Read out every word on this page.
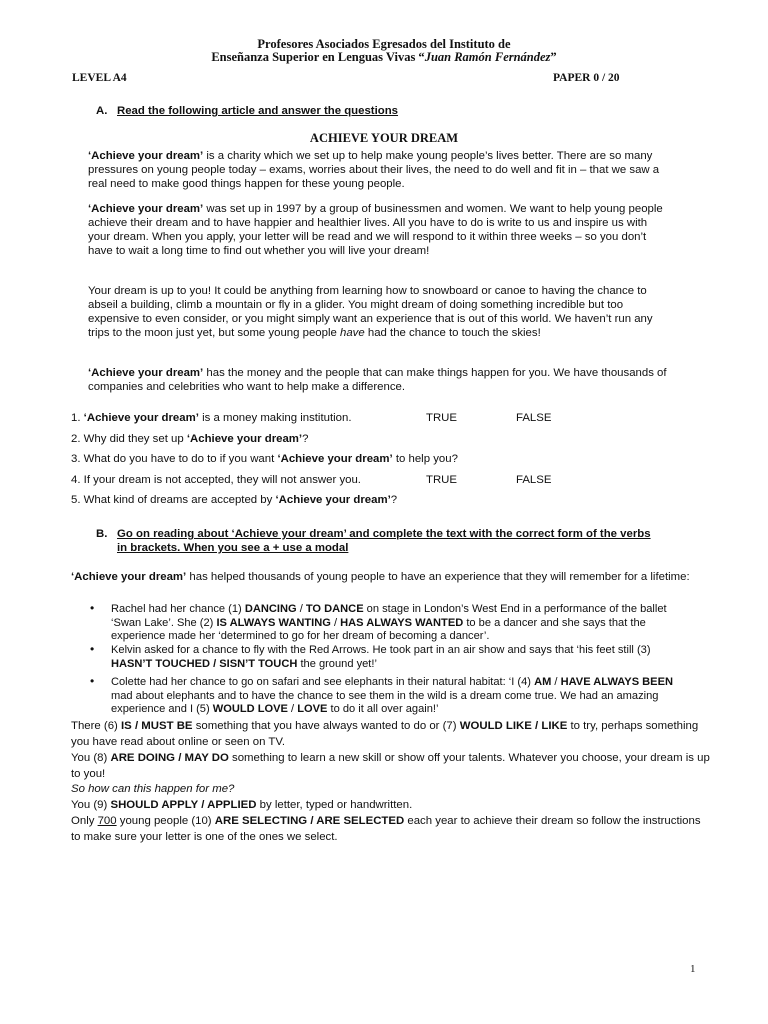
Profesores Asociados Egresados del Instituto de
Enseñanza Superior en Lenguas Vivas “Juan Ramón Fernández”
LEVEL A4	PAPER 0 / 20
A. Read the following article and answer the questions
ACHIEVE YOUR DREAM
‘Achieve your dream’ is a charity which we set up to help make young people’s lives better. There are so many pressures on young people today – exams, worries about their lives, the need to do well and fit in – that we saw a real need to make good things happen for these young people.
‘Achieve your dream’ was set up in 1997 by a group of businessmen and women. We want to help young people achieve their dream and to have happier and healthier lives. All you have to do is write to us and inspire us with your dream. When you apply, your letter will be read and we will respond to it within three weeks – so you don’t have to wait a long time to find out whether you will live your dream!
Your dream is up to you! It could be anything from learning how to snowboard or canoe to having the chance to abseil a building, climb a mountain or fly in a glider. You might dream of doing something incredible but too expensive to even consider, or you might simply want an experience that is out of this world. We haven’t run any trips to the moon just yet, but some young people have had the chance to touch the skies!
‘Achieve your dream’ has the money and the people that can make things happen for you. We have thousands of companies and celebrities who want to help make a difference.
1. ‘Achieve your dream’ is a money making institution.	TRUE	FALSE
2. Why did they set up ‘Achieve your dream’?
3. What do you have to do to if you want ‘Achieve your dream’ to help you?
4. If your dream is not accepted, they will not answer you.	TRUE	FALSE
5. What kind of dreams are accepted by ‘Achieve your dream’?
B. Go on reading about ‘Achieve your dream’ and complete the text with the correct form of the verbs
in brackets. When you see a + use a modal
‘Achieve your dream’ has helped thousands of young people to have an experience that they will remember for a lifetime:
• Rachel had her chance (1) DANCING / TO DANCE on stage in London’s West End in a performance of the ballet ‘Swan Lake’. She (2) IS ALWAYS WANTING / HAS ALWAYS WANTED to be a dancer and she says that the experience made her ‘determined to go for her dream of becoming a dancer’.
• Kelvin asked for a chance to fly with the Red Arrows. He took part in an air show and says that ‘his feet still (3) HASN’T TOUCHED / SISN’T TOUCH the ground yet!’
• Colette had her chance to go on safari and see elephants in their natural habitat: ‘I (4) AM / HAVE ALWAYS BEEN mad about elephants and to have the chance to see them in the wild is a dream come true. We had an amazing experience and I (5) WOULD LOVE / LOVE to do it all over again!’
There (6) IS / MUST BE something that you have always wanted to do or (7) WOULD LIKE / LIKE to try, perhaps something you have read about online or seen on TV.
You (8) ARE DOING / MAY DO something to learn a new skill or show off your talents. Whatever you choose, your dream is up to you!
So how can this happen for me?
You (9) SHOULD APPLY / APPLIED by letter, typed or handwritten.
Only 700 young people (10) ARE SELECTING / ARE SELECTED each year to achieve their dream so follow the instructions to make sure your letter is one of the ones we select.
1
